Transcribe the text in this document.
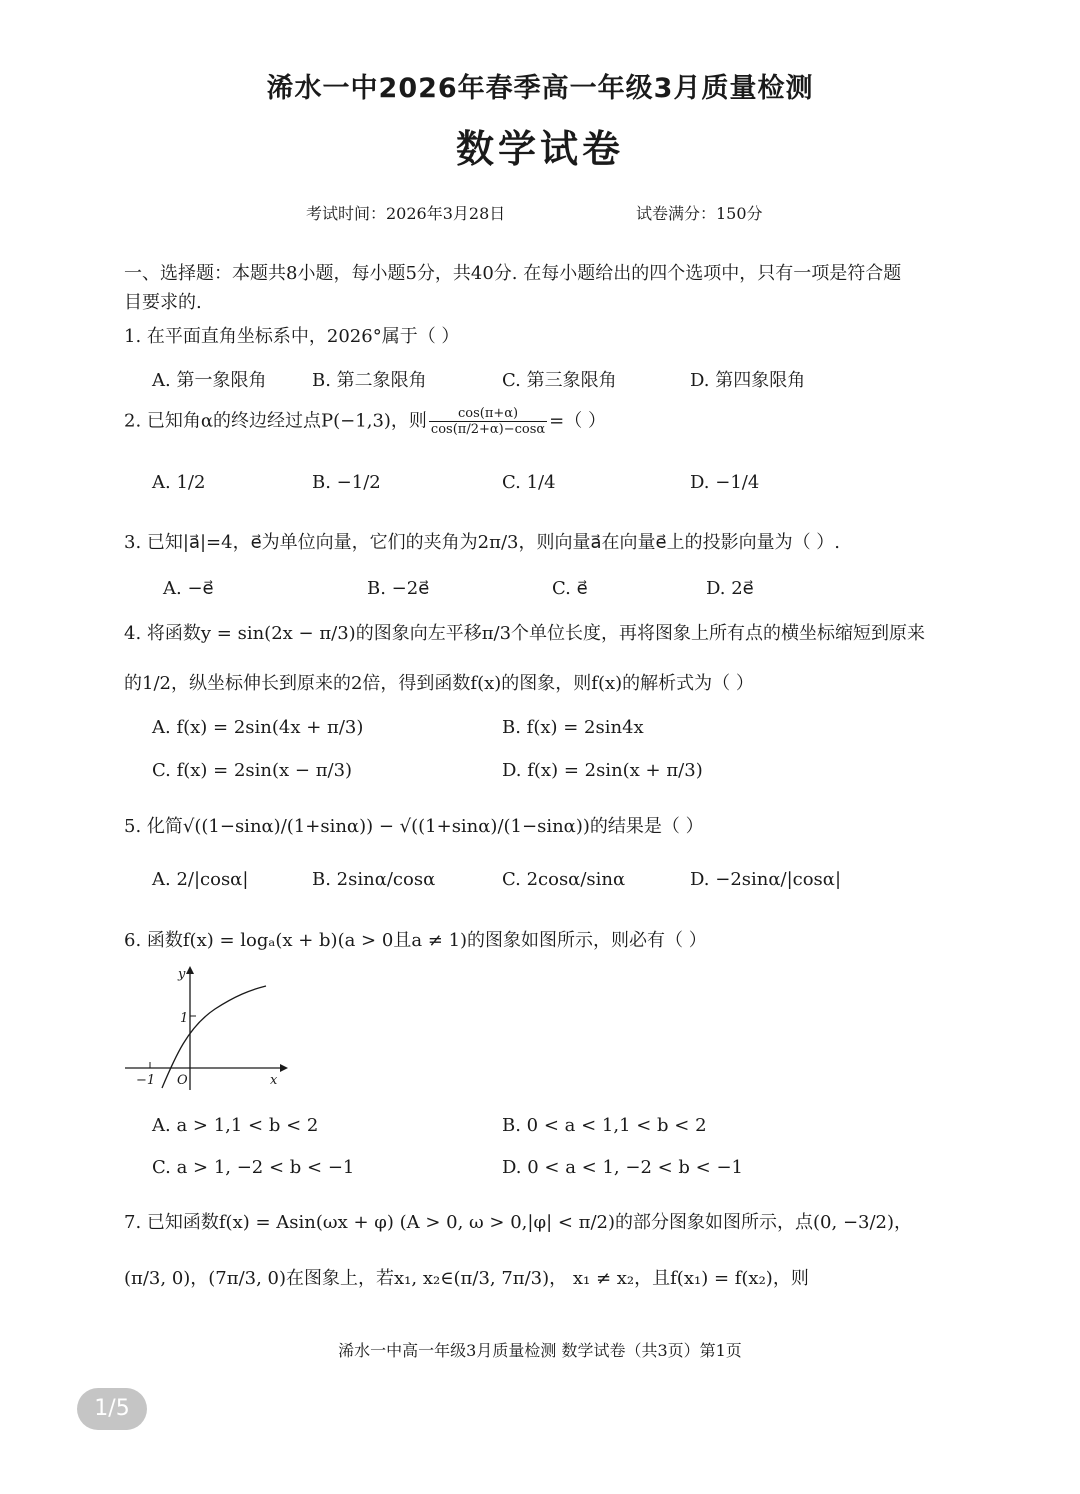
浠水一中2026年春季高一年级3月质量检测
数学试卷
考试时间：2026年3月28日	试卷满分：150分
一、选择题：本题共8小题，每小题5分，共40分. 在每小题给出的四个选项中，只有一项是符合题
目要求的.
1. 在平面直角坐标系中，2026°属于（ ）
A. 第一象限角	B. 第二象限角	C. 第三象限角	D. 第四象限角
2. 已知角α的终边经过点P(−1,3)，则 $\frac{\cos(\pi+\alpha)}{\cos(\pi/2+\alpha)-\cos\alpha}$ =（ ）
A. 1/2	B. −1/2	C. 1/4	D. −1/4
3. 已知|a⃗|=4，e⃗为单位向量，它们的夹角为2π/3，则向量a⃗在向量e⃗上的投影向量为（ ）.
A. −e⃗	B. −2e⃗	C. e⃗	D. 2e⃗
4. 将函数y = sin(2x − π/3)的图象向左平移π/3个单位长度，再将图象上所有点的横坐标缩短到原来
的1/2，纵坐标伸长到原来的2倍，得到函数f(x)的图象，则f(x)的解析式为（ ）
A. f(x) = 2sin(4x + π/3)	B. f(x) = 2sin4x
C. f(x) = 2sin(x − π/3)	D. f(x) = 2sin(x + π/3)
5. 化简√((1−sinα)/(1+sinα)) − √((1+sinα)/(1−sinα))的结果是（ ）
A. 2/|cosα|	B. 2sinα/cosα	C. 2cosα/sinα	D. −2sinα/|cosα|
6. 函数f(x) = logₐ(x + b)(a > 0且a ≠ 1)的图象如图所示，则必有（ ）
y
x
1
−1 O
A. a > 1,1 < b < 2	B. 0 < a < 1,1 < b < 2
C. a > 1, −2 < b < −1	D. 0 < a < 1, −2 < b < −1
7. 已知函数f(x) = Asin(ωx + φ) (A > 0, ω > 0,|φ| < π/2)的部分图象如图所示，点(0, −3/2)，
(π/3, 0)，(7π/3, 0)在图象上，若x₁, x₂∈(π/3, 7π/3)， x₁ ≠ x₂，且f(x₁) = f(x₂)，则
浠水一中高一年级3月质量检测 数学试卷（共3页）第1页
1/5
